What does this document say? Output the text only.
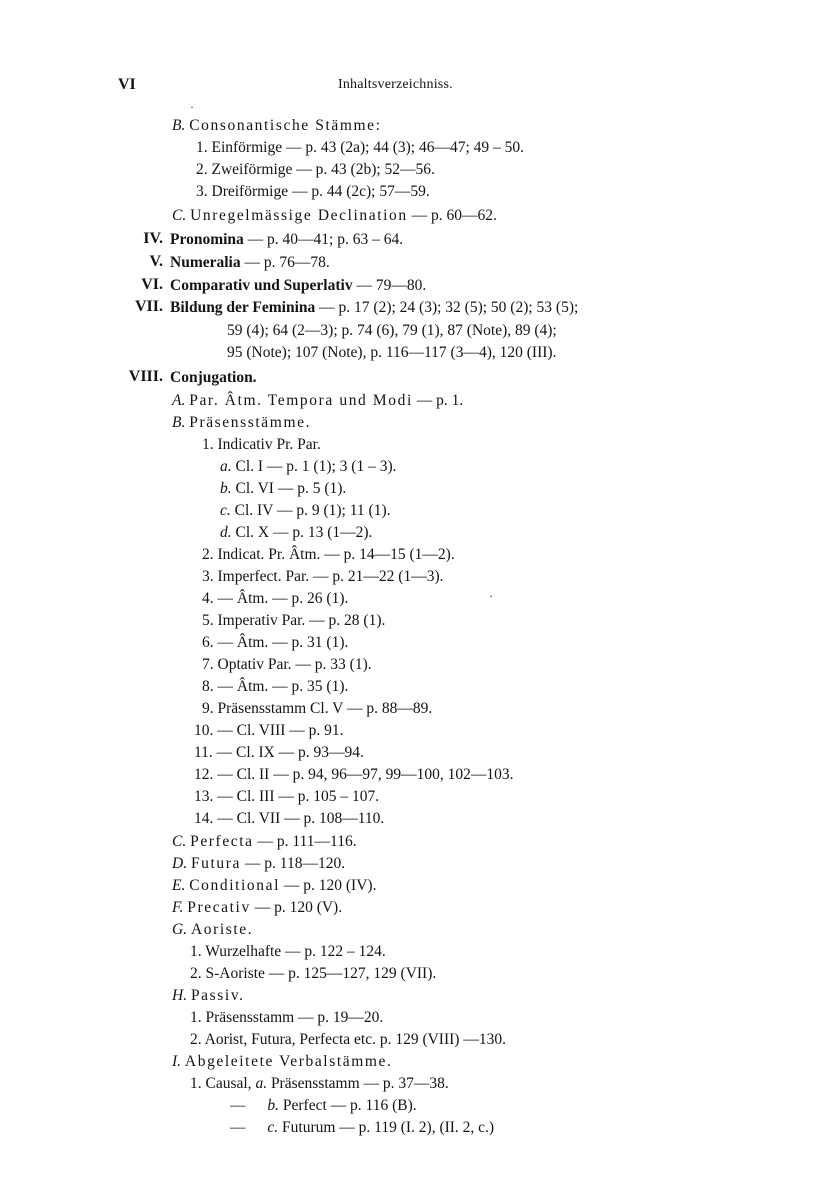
VI	Inhaltsverzeichniss.
·
B. Consonantische Stämme:
1. Einförmige — p. 43 (2a); 44 (3); 46—47; 49 – 50.
2. Zweiförmige — p. 43 (2b); 52—56.
3. Dreiförmige — p. 44 (2c); 57—59.
C. Unregelmässige Declination — p. 60—62.
IV. Pronomina — p. 40—41; p. 63 – 64.
V. Numeralia — p. 76—78.
VI. Comparativ und Superlativ — 79—80.
VII. Bildung der Feminina — p. 17 (2); 24 (3); 32 (5); 50 (2); 53 (5);
59 (4); 64 (2—3); p. 74 (6), 79 (1), 87 (Note), 89 (4);
95 (Note); 107 (Note), p. 116—117 (3—4), 120 (III).
VIII. Conjugation.
A. Par. Âtm. Tempora und Modi — p. 1.
B. Präsensstämme.
1. Indicativ Pr. Par.
a. Cl. I — p. 1 (1); 3 (1 – 3).
b. Cl. VI — p. 5 (1).
c. Cl. IV — p. 9 (1); 11 (1).
d. Cl. X — p. 13 (1—2).
2. Indicat. Pr. Âtm. — p. 14—15 (1—2).
3. Imperfect. Par. — p. 21—22 (1—3).
4. — Âtm. — p. 26 (1).	·
5. Imperativ Par. — p. 28 (1).
6. — Âtm. — p. 31 (1).
7. Optativ Par. — p. 33 (1).
8. — Âtm. — p. 35 (1).
9. Präsensstamm Cl. V — p. 88—89.
10. — Cl. VIII — p. 91.
11. — Cl. IX — p. 93—94.
12. — Cl. II — p. 94, 96—97, 99—100, 102—103.
13. — Cl. III — p. 105 – 107.
14. — Cl. VII — p. 108—110.
C. Perfecta — p. 111—116.
D. Futura — p. 118—120.
E. Conditional — p. 120 (IV).
F. Precativ — p. 120 (V).
G. Aoriste.
1. Wurzelhafte — p. 122 – 124.
2. S-Aoriste — p. 125—127, 129 (VII).
H. Passiv.
1. Präsensstamm — p. 19—20.
2. Aorist, Futura, Perfecta etc. p. 129 (VIII) —130.
I. Abgeleitete Verbalstämme.
1. Causal, a. Präsensstamm — p. 37—38.
— b. Perfect — p. 116 (B).
— c. Futurum — p. 119 (I. 2), (II. 2, c.)
